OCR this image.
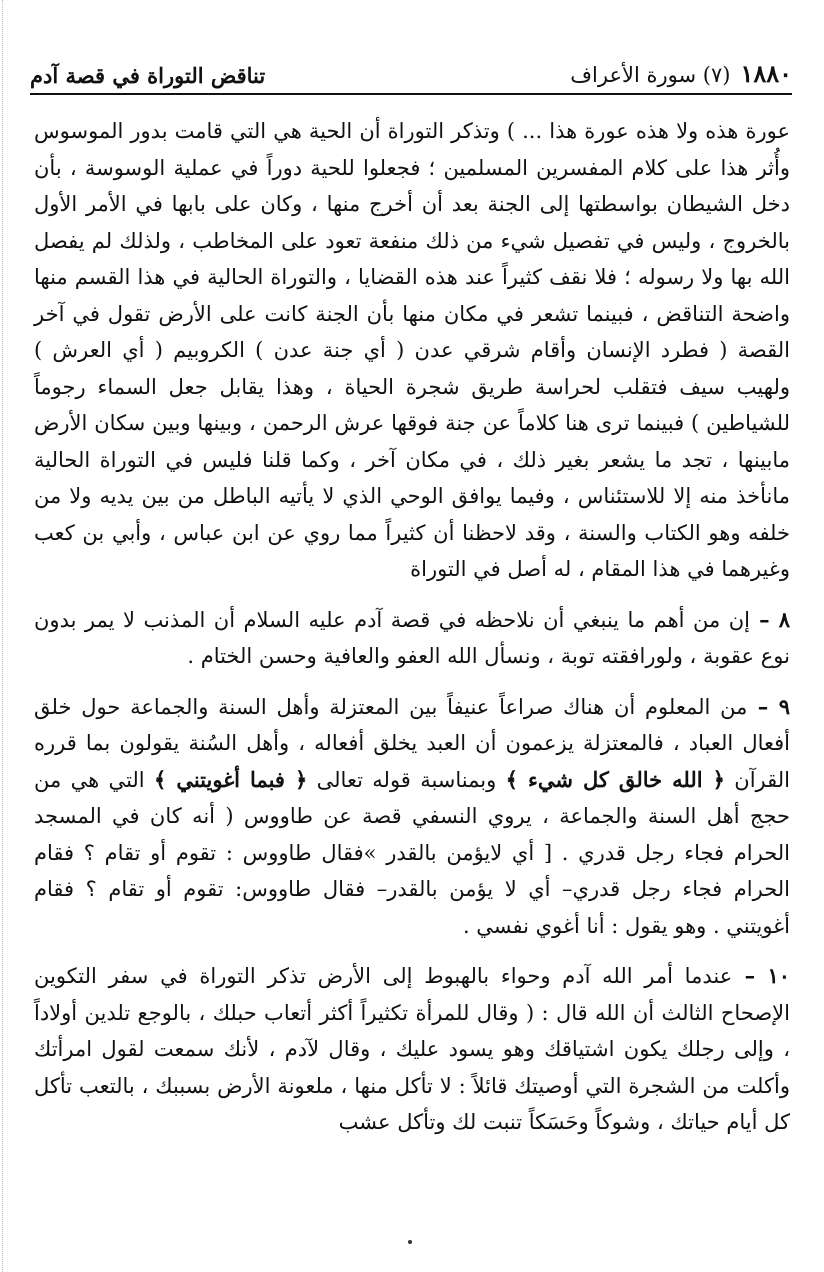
١٨٨٠
(٧) سورة الأعراف
تناقض التوراة في قصة آدم

عورة هذه ولا هذه عورة هذا ... ) وتذكر التوراة أن الحية هي التي قامت بدور الموسوس وأُثر هذا على كلام المفسرين المسلمين ؛ فجعلوا للحية دوراً في عملية الوسوسة ، بأن دخل الشيطان بواسطتها إلى الجنة بعد أن أخرج منها ، وكان على بابها في الأمر الأول بالخروج ، وليس في تفصيل شيء من ذلك منفعة تعود على المخاطب ، ولذلك لم يفصل الله بها ولا رسوله ؛ فلا نقف كثيراً عند هذه القضايا ، والتوراة الحالية في هذا القسم منها واضحة التناقض ، فبينما تشعر في مكان منها بأن الجنة كانت على الأرض تقول في آخر القصة ( فطرد الإنسان وأقام شرقي عدن ( أي جنة عدن ) الكروبيم ( أي العرش ) ولهيب سيف فتقلب لحراسة طريق شجرة الحياة ، وهذا يقابل جعل السماء رجوماً للشياطين ) فبينما ترى هنا كلاماً عن جنة فوقها عرش الرحمن ، وبينها وبين سكان الأرض مابينها ، تجد ما يشعر بغير ذلك ، في مكان آخر ، وكما قلنا فليس في التوراة الحالية مانأخذ منه إلا للاستئناس ، وفيما يوافق الوحي الذي لا يأتيه الباطل من بين يديه ولا من خلفه وهو الكتاب والسنة ، وقد لاحظنا أن كثيراً مما روي عن ابن عباس ، وأبي بن كعب وغيرهما في هذا المقام ، له أصل في التوراة

٨ – إن من أهم ما ينبغي أن نلاحظه في قصة آدم عليه السلام أن المذنب لا يمر بدون نوع عقوبة ، ولورافقته توبة ، ونسأل الله العفو والعافية وحسن الختام .

٩ – من المعلوم أن هناك صراعاً عنيفاً بين المعتزلة وأهل السنة والجماعة حول خلق أفعال العباد ، فالمعتزلة يزعمون أن العبد يخلق أفعاله ، وأهل السُنة يقولون بما قرره القرآن ﴿ الله خالق كل شيء ﴾ وبمناسبة قوله تعالى ﴿ فبما أغويتني ﴾ التي هي من حجج أهل السنة والجماعة ، يروي النسفي قصة عن طاووس ( أنه كان في المسجد الحرام فجاء رجل قدري . [ أي لايؤمن بالقدر »فقال طاووس : تقوم أو تقام ؟ فقام الحرام فجاء رجل قدري– أي لا يؤمن بالقدر– فقال طاووس: تقوم أو تقام ؟ فقام أغويتني . وهو يقول : أنا أغوي نفسي .

١٠ – عندما أمر الله آدم وحواء بالهبوط إلى الأرض تذكر التوراة في سفر التكوين الإصحاح الثالث أن الله قال : ( وقال للمرأة تكثيراً أكثر أتعاب حبلك ، بالوجع تلدين أولاداً ، وإلى رجلك يكون اشتياقك وهو يسود عليك ، وقال لآدم ، لأنك سمعت لقول امرأتك وأكلت من الشجرة التي أوصيتك قائلاً : لا تأكل منها ، ملعونة الأرض بسببك ، بالتعب تأكل كل أيام حياتك ، وشوكاً وحَسَكاً تنبت لك وتأكل عشب
